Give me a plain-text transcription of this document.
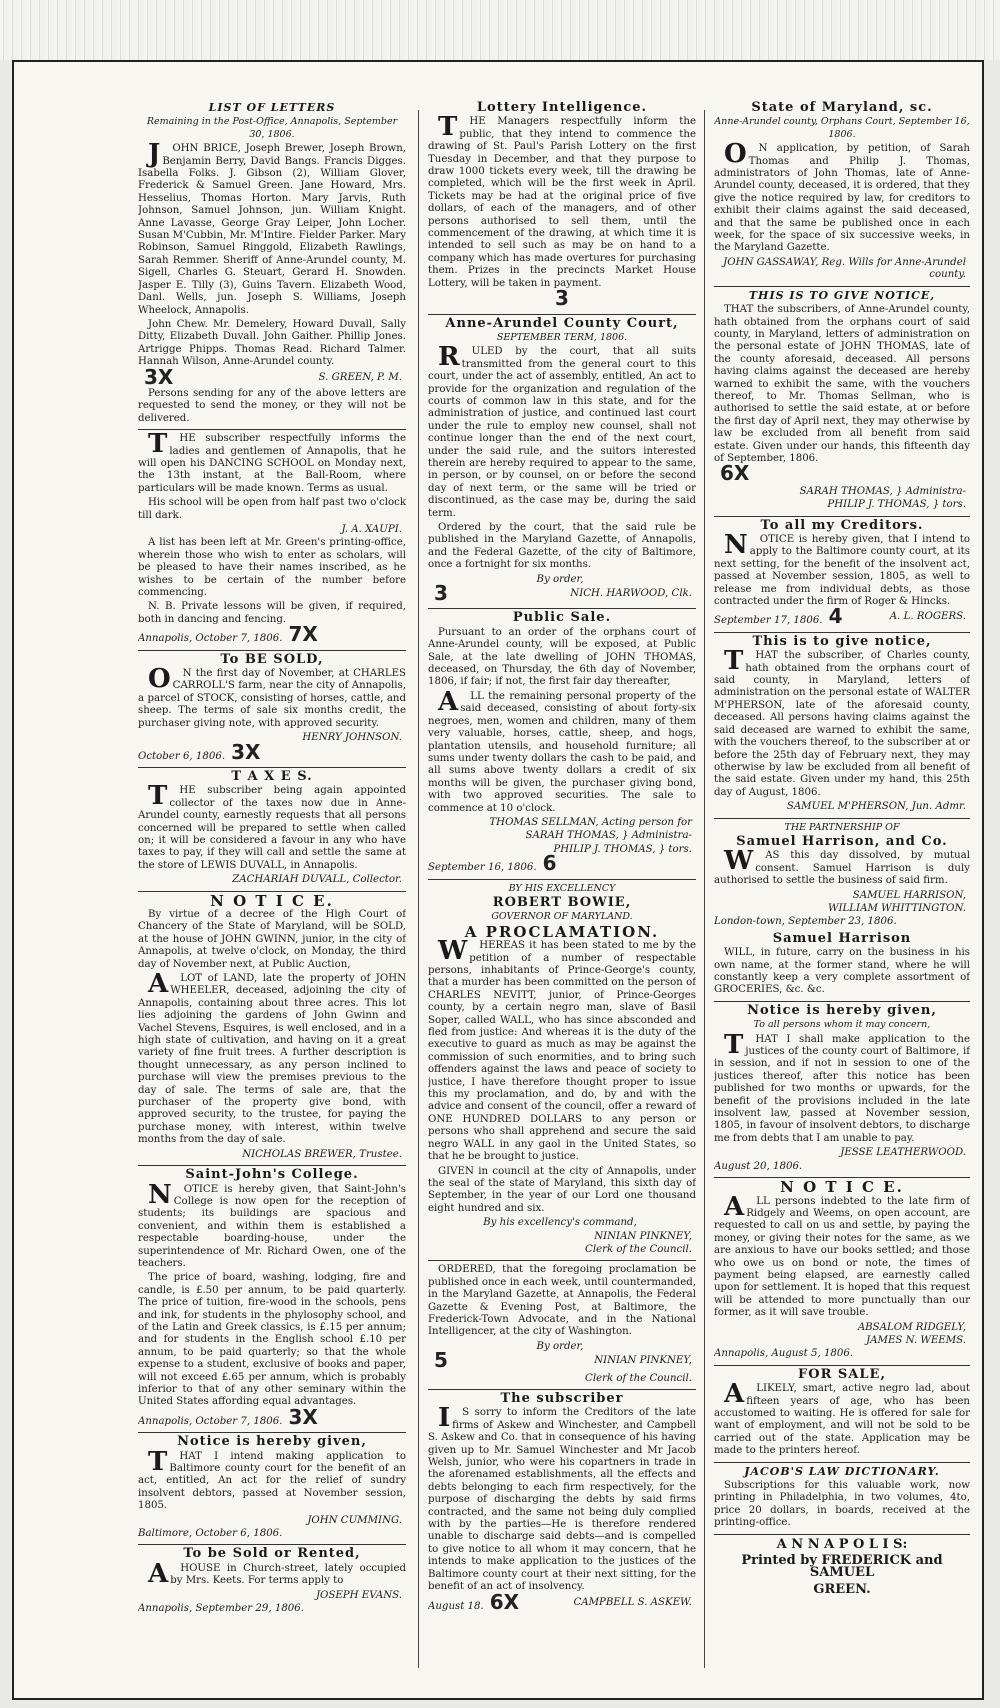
LIST OF LETTERS
Remaining in the Post-Office, Annapolis, September 30, 1806.
JOHN BRICE, Joseph Brewer, Joseph Brown, Benjamin Berry, David Bangs. Francis Digges. Isabella Folks. J. Gibson (2), William Glover, Frederick & Samuel Green. Jane Howard, Mrs. Hesselius, Thomas Horton. Mary Jarvis, Ruth Johnson, Samuel Johnson, jun. William Knight. Anne Lavasse, George Gray Leiper, John Locher. Susan M'Cubbin, Mr. M'Intire. Fielder Parker. Mary Robinson, Samuel Ringgold, Elizabeth Rawlings, Sarah Remmer. Sheriff of Anne-Arundel county, M. Sigell, Charles G. Steuart, Gerard H. Snowden. Jasper E. Tilly (3), Guins Tavern. Elizabeth Wood, Danl. Wells, jun. Joseph S. Williams, Joseph Wheelock, Annapolis.
John Chew. Mr. Demelery, Howard Duvall, Sally Ditty, Elizabeth Duvall. John Gaither. Phillip Jones. Artrigge Phipps. Thomas Read. Richard Talmer. Hannah Wilson, Anne-Arundel county.
3X	S. GREEN, P. M.
Persons sending for any of the above letters are requested to send the money, or they will not be delivered.
THE subscriber respectfully informs the ladies and gentlemen of Annapolis, that he will open his DANCING SCHOOL on Monday next, the 13th instant, at the Ball-Room, where particulars will be made known. Terms as usual.
His school will be open from half past two o'clock till dark.
J. A. XAUPI.
A list has been left at Mr. Green's printing-office, wherein those who wish to enter as scholars, will be pleased to have their names inscribed, as he wishes to be certain of the number before commencing.
N. B. Private lessons will be given, if required, both in dancing and fencing.
Annapolis, October 7, 1806. 7X
To BE SOLD,
ON the first day of November, at CHARLES CARROLL'S farm, near the city of Annapolis, a parcel of STOCK, consisting of horses, cattle, and sheep. The terms of sale six months credit, the purchaser giving note, with approved security.
HENRY JOHNSON.
October 6, 1806. 3X
T A X E S.
THE subscriber being again appointed collector of the taxes now due in Anne-Arundel county, earnestly requests that all persons concerned will be prepared to settle when called on; it will be considered a favour in any who have taxes to pay, if they will call and settle the same at the store of LEWIS DUVALL, in Annapolis.
ZACHARIAH DUVALL, Collector.
N O T I C E.
By virtue of a decree of the High Court of Chancery of the State of Maryland, will be SOLD, at the house of JOHN GWINN, junior, in the city of Annapolis, at twelve o'clock, on Monday, the third day of November next, at Public Auction,
ALOT of LAND, late the property of JOHN WHEELER, deceased, adjoining the city of Annapolis, containing about three acres. This lot lies adjoining the gardens of John Gwinn and Vachel Stevens, Esquires, is well enclosed, and in a high state of cultivation, and having on it a great variety of fine fruit trees. A further description is thought unnecessary, as any person inclined to purchase will view the premises previous to the day of sale. The terms of sale are, that the purchaser of the property give bond, with approved security, to the trustee, for paying the purchase money, with interest, within twelve months from the day of sale.
NICHOLAS BREWER, Trustee.
Saint-John's College.
NOTICE is hereby given, that Saint-John's College is now open for the reception of students; its buildings are spacious and convenient, and within them is established a respectable boarding-house, under the superintendence of Mr. Richard Owen, one of the teachers.
The price of board, washing, lodging, fire and candle, is £.50 per annum, to be paid quarterly. The price of tuition, fire-wood in the schools, pens and ink, for students in the phylosophy school, and of the Latin and Greek classics, is £.15 per annum; and for students in the English school £.10 per annum, to be paid quarterly; so that the whole expense to a student, exclusive of books and paper, will not exceed £.65 per annum, which is probably inferior to that of any other seminary within the United States affording equal advantages.
Annapolis, October 7, 1806. 3X
Notice is hereby given,
THAT I intend making application to Baltimore county court for the benefit of an act, entitled, An act for the relief of sundry insolvent debtors, passed at November session, 1805.
JOHN CUMMING.
Baltimore, October 6, 1806.
To be Sold or Rented,
AHOUSE in Church-street, lately occupied by Mrs. Keets. For terms apply to
JOSEPH EVANS.
Annapolis, September 29, 1806.
Lottery Intelligence.
THE Managers respectfully inform the public, that they intend to commence the drawing of St. Paul's Parish Lottery on the first Tuesday in December, and that they purpose to draw 1000 tickets every week, till the drawing be completed, which will be the first week in April. Tickets may be had at the original price of five dollars, of each of the managers, and of other persons authorised to sell them, until the commencement of the drawing, at which time it is intended to sell such as may be on hand to a company which has made overtures for purchasing them. Prizes in the precincts Market House Lottery, will be taken in payment.
3
Anne-Arundel County Court,
SEPTEMBER TERM, 1806.
RULED by the court, that all suits transmitted from the general court to this court, under the act of assembly, entitled, An act to provide for the organization and regulation of the courts of common law in this state, and for the administration of justice, and continued last court under the rule to employ new counsel, shall not continue longer than the end of the next court, under the said rule, and the suitors interested therein are hereby required to appear to the same, in person, or by counsel, on or before the second day of next term, or the same will be tried or discontinued, as the case may be, during the said term.
Ordered by the court, that the said rule be published in the Maryland Gazette, of Annapolis, and the Federal Gazette, of the city of Baltimore, once a fortnight for six months.
By order,
3	NICH. HARWOOD, Clk.
Public Sale.
Pursuant to an order of the orphans court of Anne-Arundel county, will be exposed, at Public Sale, at the late dwelling of JOHN THOMAS, deceased, on Thursday, the 6th day of November, 1806, if fair; if not, the first fair day thereafter,
ALL the remaining personal property of the said deceased, consisting of about forty-six negroes, men, women and children, many of them very valuable, horses, cattle, sheep, and hogs, plantation utensils, and household furniture; all sums under twenty dollars the cash to be paid, and all sums above twenty dollars a credit of six months will be given, the purchaser giving bond, with two approved securities. The sale to commence at 10 o'clock.
THOMAS SELLMAN, Acting person for
SARAH THOMAS, } Administra-
PHILIP J. THOMAS, } tors.
September 16, 1806. 6
BY HIS EXCELLENCY
ROBERT BOWIE,
GOVERNOR OF MARYLAND.
A PROCLAMATION.
WHEREAS it has been stated to me by the petition of a number of respectable persons, inhabitants of Prince-George's county, that a murder has been committed on the person of CHARLES NEVITT, junior, of Prince-Georges county, by a certain negro man, slave of Basil Soper, called WALL, who has since absconded and fled from justice: And whereas it is the duty of the executive to guard as much as may be against the commission of such enormities, and to bring such offenders against the laws and peace of society to justice, I have therefore thought proper to issue this my proclamation, and do, by and with the advice and consent of the council, offer a reward of ONE HUNDRED DOLLARS to any person or persons who shall apprehend and secure the said negro WALL in any gaol in the United States, so that he be brought to justice.
GIVEN in council at the city of Annapolis, under the seal of the state of Maryland, this sixth day of September, in the year of our Lord one thousand eight hundred and six.
By his excellency's command,
NINIAN PINKNEY,
Clerk of the Council.
ORDERED, that the foregoing proclamation be published once in each week, until countermanded, in the Maryland Gazette, at Annapolis, the Federal Gazette & Evening Post, at Baltimore, the Frederick-Town Advocate, and in the National Intelligencer, at the city of Washington.
By order,
5	NINIAN PINKNEY,
Clerk of the Council.
The subscriber
IS sorry to inform the Creditors of the late firms of Askew and Winchester, and Campbell S. Askew and Co. that in consequence of his having given up to Mr. Samuel Winchester and Mr Jacob Welsh, junior, who were his copartners in trade in the aforenamed establishments, all the effects and debts belonging to each firm respectively, for the purpose of discharging the debts by said firms contracted, and the same not being duly complied with by the parties—He is therefore rendered unable to discharge said debts—and is compelled to give notice to all whom it may concern, that he intends to make application to the justices of the Baltimore county court at their next sitting, for the benefit of an act of insolvency.
August 18. 6X	CAMPBELL S. ASKEW.
State of Maryland, sc.
Anne-Arundel county, Orphans Court, September 16, 1806.
ON application, by petition, of Sarah Thomas and Philip J. Thomas, administrators of John Thomas, late of Anne-Arundel county, deceased, it is ordered, that they give the notice required by law, for creditors to exhibit their claims against the said deceased, and that the same be published once in each week, for the space of six successive weeks, in the Maryland Gazette.
JOHN GASSAWAY, Reg. Wills for Anne-Arundel county.
THIS IS TO GIVE NOTICE,
THAT the subscribers, of Anne-Arundel county, hath obtained from the orphans court of said county, in Maryland, letters of administration on the personal estate of JOHN THOMAS, late of the county aforesaid, deceased. All persons having claims against the deceased are hereby warned to exhibit the same, with the vouchers thereof, to Mr. Thomas Sellman, who is authorised to settle the said estate, at or before the first day of April next, they may otherwise by law be excluded from all benefit from said estate. Given under our hands, this fifteenth day of September, 1806.
6X
SARAH THOMAS, } Administra-
PHILIP J. THOMAS, } tors.
To all my Creditors.
NOTICE is hereby given, that I intend to apply to the Baltimore county court, at its next setting, for the benefit of the insolvent act, passed at November session, 1805, as well to release me from individual debts, as those contracted under the firm of Roger & Hincks.
September 17, 1806. 4	A. L. ROGERS.
This is to give notice,
THAT the subscriber, of Charles county, hath obtained from the orphans court of said county, in Maryland, letters of administration on the personal estate of WALTER M'PHERSON, late of the aforesaid county, deceased. All persons having claims against the said deceased are warned to exhibit the same, with the vouchers thereof, to the subscriber at or before the 25th day of February next, they may otherwise by law be excluded from all benefit of the said estate. Given under my hand, this 25th day of August, 1806.
SAMUEL M'PHERSON, Jun. Admr.
THE PARTNERSHIP OF
Samuel Harrison, and Co.
WAS this day dissolved, by mutual consent. Samuel Harrison is duly authorised to settle the business of said firm.
SAMUEL HARRISON,
WILLIAM WHITTINGTON.
London-town, September 23, 1806.
Samuel Harrison
WILL, in future, carry on the business in his own name, at the former stand, where he will constantly keep a very complete assortment of GROCERIES, &c. &c.
Notice is hereby given,
To all persons whom it may concern,
THAT I shall make application to the justices of the county court of Baltimore, if in session, and if not in session to one of the justices thereof, after this notice has been published for two months or upwards, for the benefit of the provisions included in the late insolvent law, passed at November session, 1805, in favour of insolvent debtors, to discharge me from debts that I am unable to pay.
JESSE LEATHERWOOD.
August 20, 1806.
N O T I C E.
ALL persons indebted to the late firm of Ridgely and Weems, on open account, are requested to call on us and settle, by paying the money, or giving their notes for the same, as we are anxious to have our books settled; and those who owe us on bond or note, the times of payment being elapsed, are earnestly called upon for settlement. It is hoped that this request will be attended to more punctually than our former, as it will save trouble.
ABSALOM RIDGELY,
JAMES N. WEEMS.
Annapolis, August 5, 1806.
FOR SALE,
ALIKELY, smart, active negro lad, about fifteen years of age, who has been accustomed to waiting. He is offered for sale for want of employment, and will not be sold to be carried out of the state. Application may be made to the printers hereof.
JACOB'S LAW DICTIONARY.
Subscriptions for this valuable work, now printing in Philadelphia, in two volumes, 4to, price 20 dollars, in boards, received at the printing-office.
A N N A P O L I S:
Printed by FREDERICK and SAMUEL
GREEN.
